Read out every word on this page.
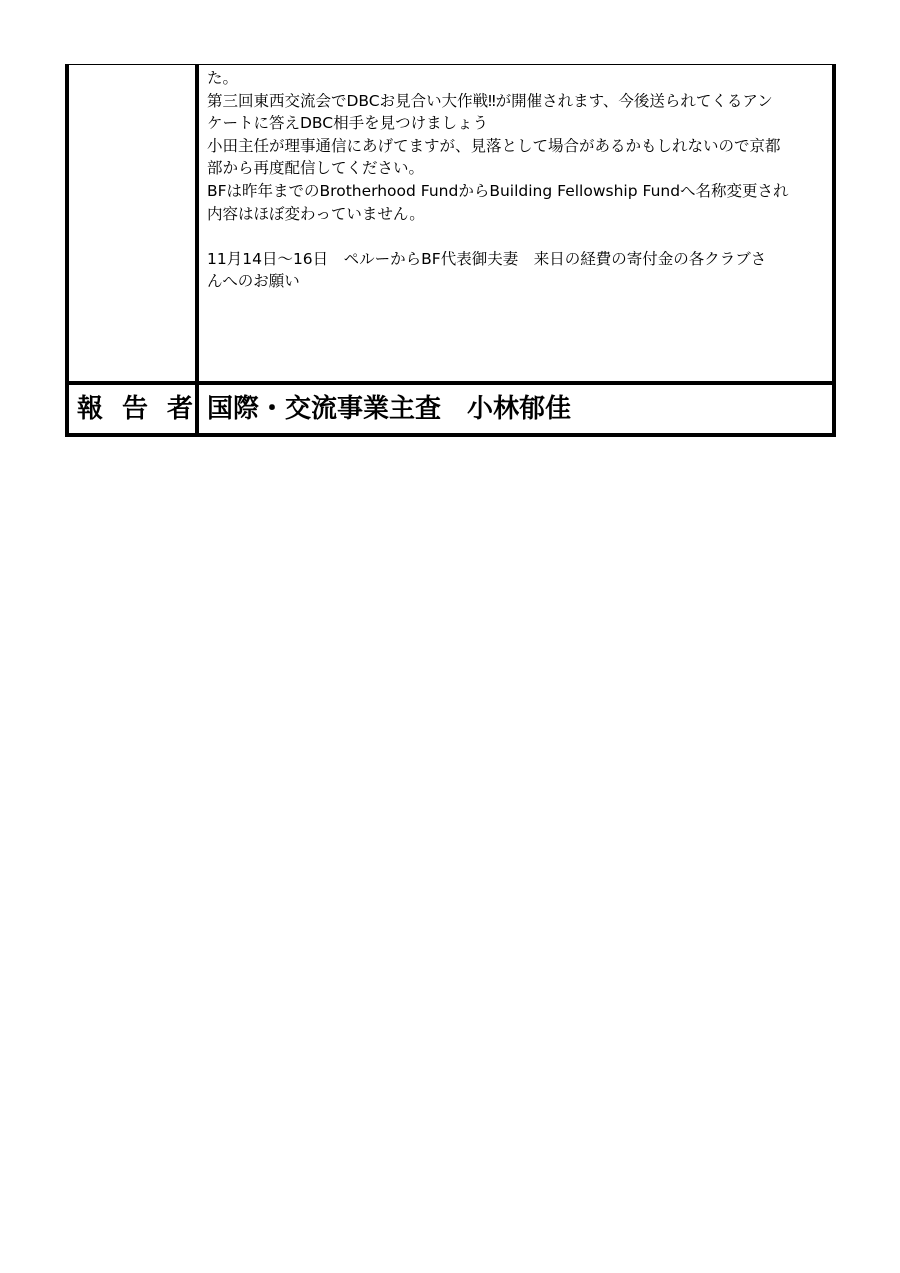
た。
第三回東西交流会でDBCお見合い大作戦‼が開催されます、今後送られてくるアン
ケートに答えDBC相手を見つけましょう
小田主任が理事通信にあげてますが、見落として場合があるかもしれないので京都
部から再度配信してください。
BFは昨年までのBrotherhood FundからBuilding Fellowship Fundへ名称変更され
内容はほぼ変わっていません。
11月14日～16日　ペルーからBF代表御夫妻　来日の経費の寄付金の各クラブさ
んへのお願い
報告者
国際・交流事業主査　小林郁佳
